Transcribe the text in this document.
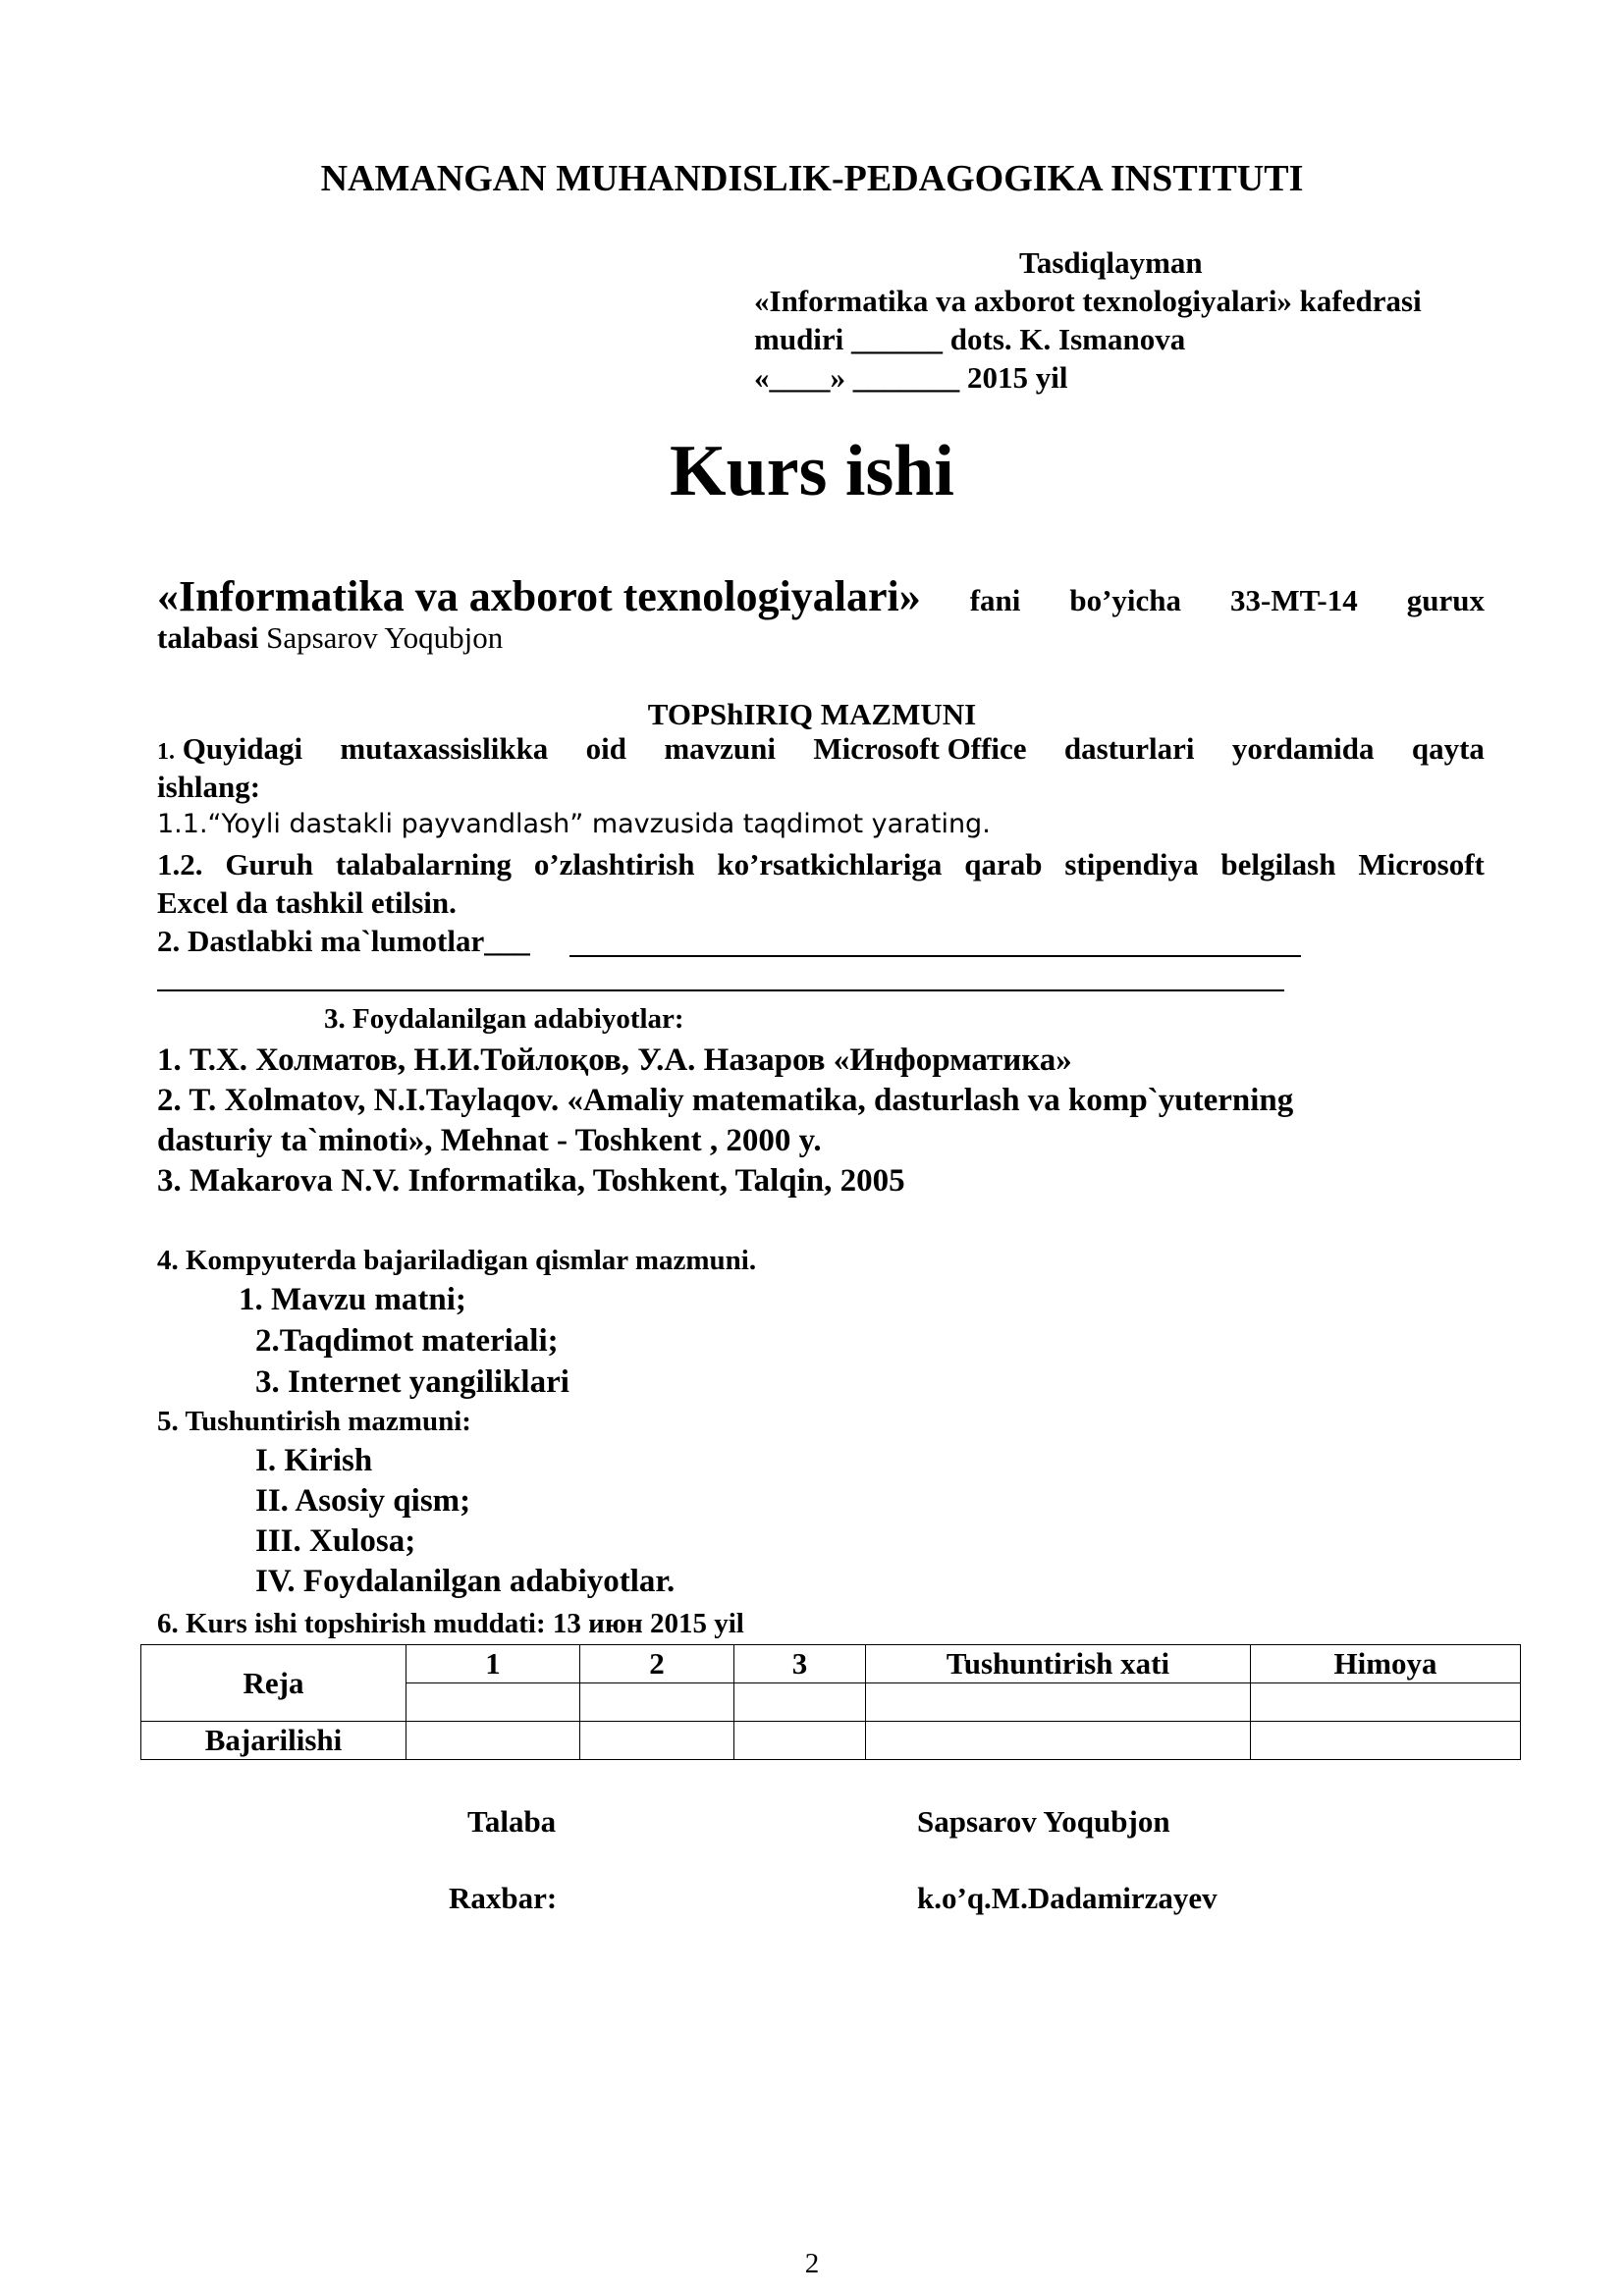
NAMANGAN MUHANDISLIK-PEDAGOGIKA INSTITUTI
Tasdiqlayman
«Informatika va axborot texnologiyalari» kafedrasi
mudiri ______ dots. K. Ismanova
«____» _______ 2015 yil
Kurs ishi
«Informatika va axborot texnologiyalari» fani bo’yicha 33-MT-14 gurux
talabasi Sapsarov Yoqubjon
TOPShIRIQ MAZMUNI
1. Quyidagi mutaxassislikka oid mavzuni Microsoft Office dasturlari yordamida qayta
ishlang:
1.1.“Yoyli dastakli payvandlash” mavzusida taqdimot yarating.
1.2. Guruh talabalarning o’zlashtirish ko’rsatkichlariga qarab stipendiya belgilash Microsoft
Excel da tashkil etilsin.
2. Dastlabki ma`lumotlar___
3. Foydalanilgan adabiyotlar:
1. Т.Х. Холматов, Н.И.Тойлоқов, У.А. Назаров «Информатика»
2. T. Xolmatov, N.I.Taylaqov. «Amaliy matematika, dasturlash va komp`yuterning
dasturiy ta`minoti», Mehnat - Toshkent , 2000 y.
3. Makarova N.V. Informatika, Toshkent, Talqin, 2005
4. Kompyuterda bajariladigan qismlar mazmuni.
1. Mavzu matni;
2.Taqdimot materiali;
3. Internet yangiliklari
5. Tushuntirish mazmuni:
I. Kirish
II. Asosiy qism;
III. Xulosa;
IV. Foydalanilgan adabiyotlar.
6. Kurs ishi topshirish muddati: 13 июн 2015 yil
Reja	1	2	3	Tushuntirish xati	Himoya

Bajarilishi					
Talaba	Sapsarov Yoqubjon
Raxbar:	k.o’q.M.Dadamirzayev
2
